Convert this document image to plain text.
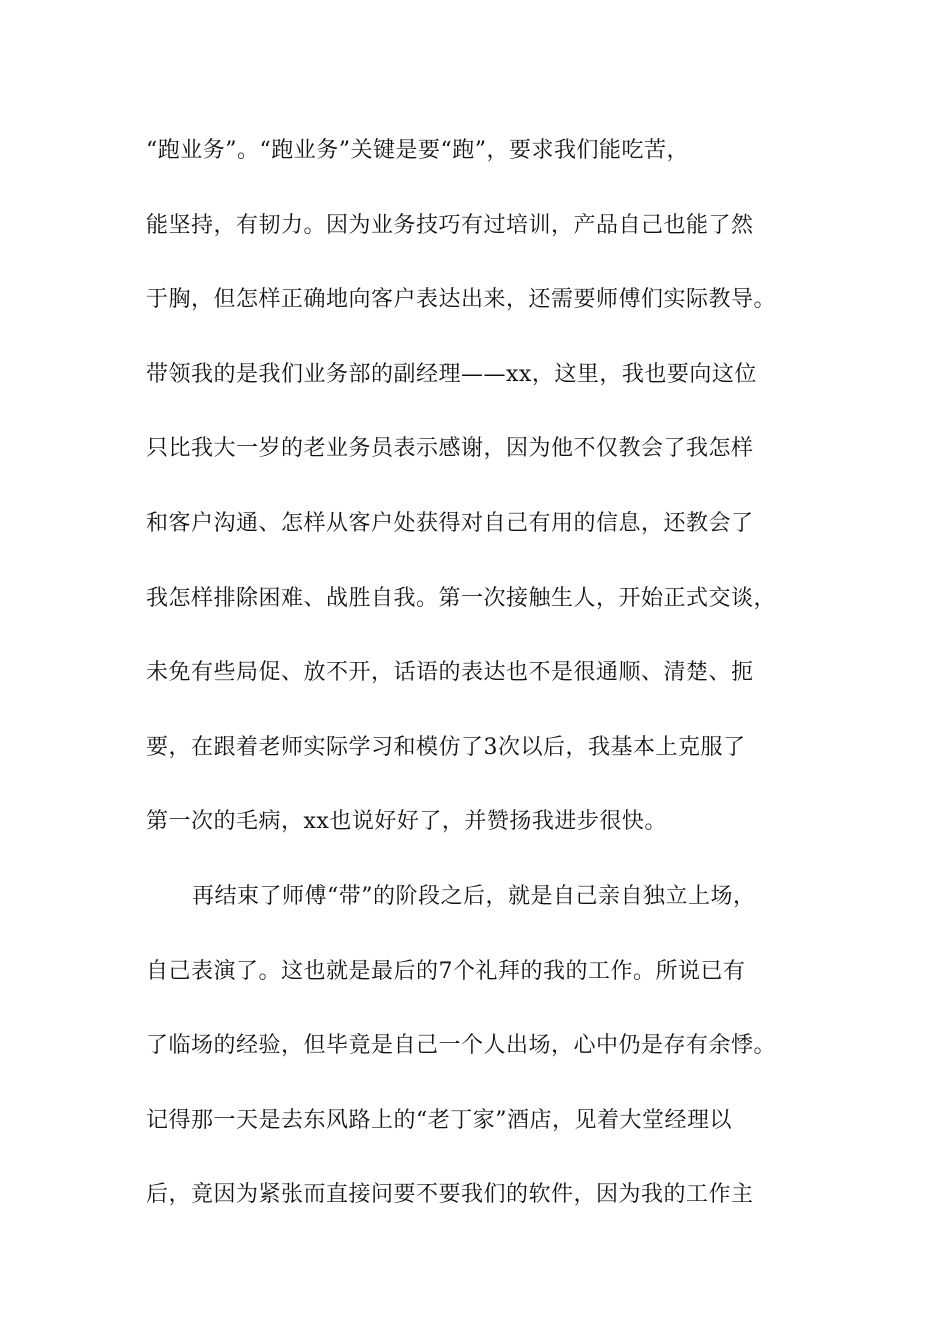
“跑业务”。“跑业务”关键是要“跑”，要求我们能吃苦，
能坚持，有韧力。因为业务技巧有过培训，产品自己也能了然
于胸，但怎样正确地向客户表达出来，还需要师傅们实际教导。
带领我的是我们业务部的副经理——xx，这里，我也要向这位
只比我大一岁的老业务员表示感谢，因为他不仅教会了我怎样
和客户沟通、怎样从客户处获得对自己有用的信息，还教会了
我怎样排除困难、战胜自我。第一次接触生人，开始正式交谈，
未免有些局促、放不开，话语的表达也不是很通顺、清楚、扼
要，在跟着老师实际学习和模仿了3次以后，我基本上克服了
第一次的毛病，xx也说好好了，并赞扬我进步很快。
再结束了师傅“带”的阶段之后，就是自己亲自独立上场，
自己表演了。这也就是最后的7个礼拜的我的工作。所说已有
了临场的经验，但毕竟是自己一个人出场，心中仍是存有余悸。
记得那一天是去东风路上的“老丁家”酒店，见着大堂经理以
后，竟因为紧张而直接问要不要我们的软件，因为我的工作主
